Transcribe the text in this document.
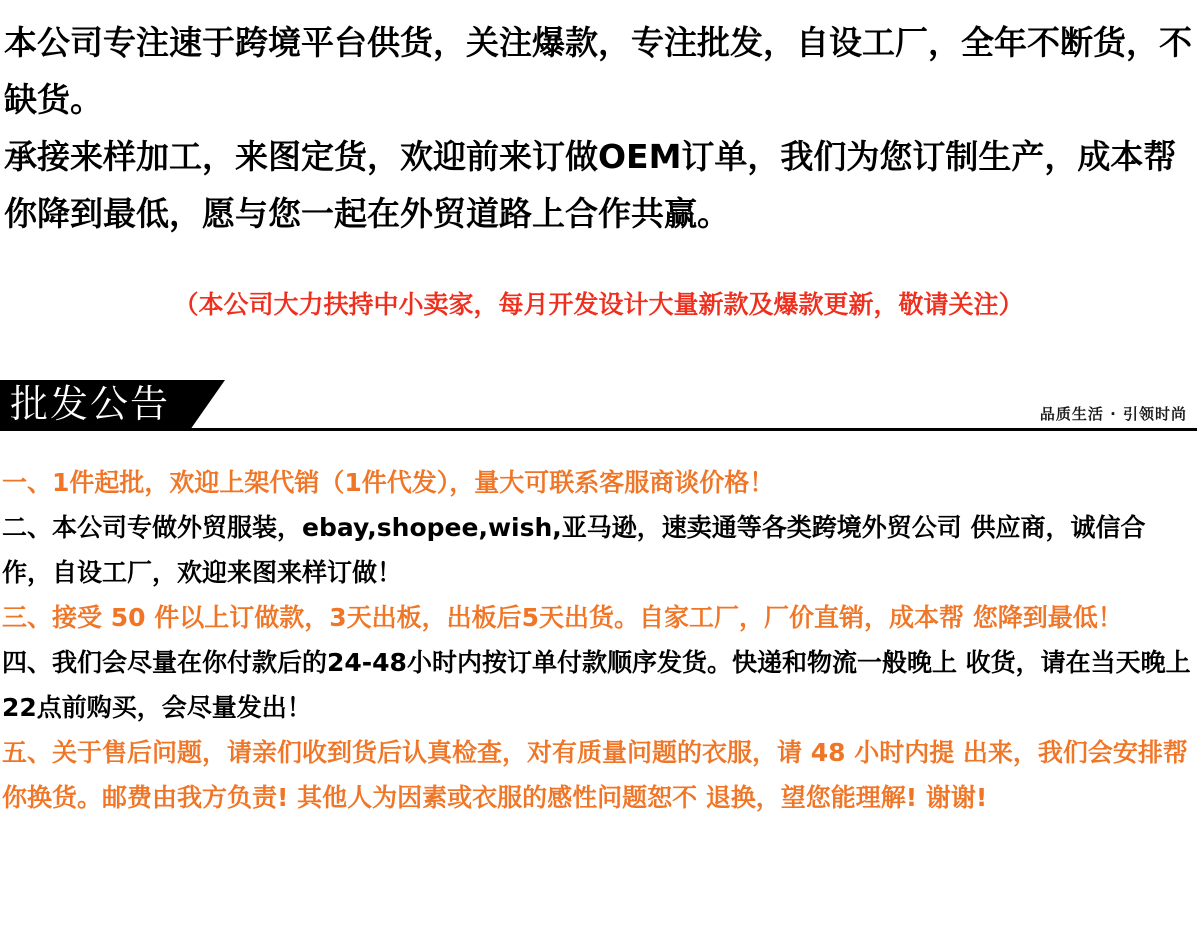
本公司专注速于跨境平台供货，关注爆款，专注批发，自设工厂，全年不断货，不缺货。

承接来样加工，来图定货，欢迎前来订做OEM订单，我们为您订制生产，成本帮你降到最低，愿与您一起在外贸道路上合作共赢。

（本公司大力扶持中小卖家，每月开发设计大量新款及爆款更新，敬请关注）
批发公告	品质生活 · 引领时尚

一、1件起批，欢迎上架代销（1件代发），量大可联系客服商谈价格！

二、本公司专做外贸服装，ebay,shopee,wish,亚马逊，速卖通等各类跨境外贸公司 供应商，诚信合作，自设工厂，欢迎来图来样订做！

三、接受 50 件以上订做款，3天出板，出板后5天出货。自家工厂，厂价直销，成本帮 您降到最低！

四、我们会尽量在你付款后的24-48小时内按订单付款顺序发货。快递和物流一般晚上 收货，请在当天晚上22点前购买，会尽量发出！

五、关于售后问题，请亲们收到货后认真检查，对有质量问题的衣服，请 48 小时内提 出来，我们会安排帮你换货。邮费由我方负责! 其他人为因素或衣服的感性问题恕不 退换，望您能理解! 谢谢!
